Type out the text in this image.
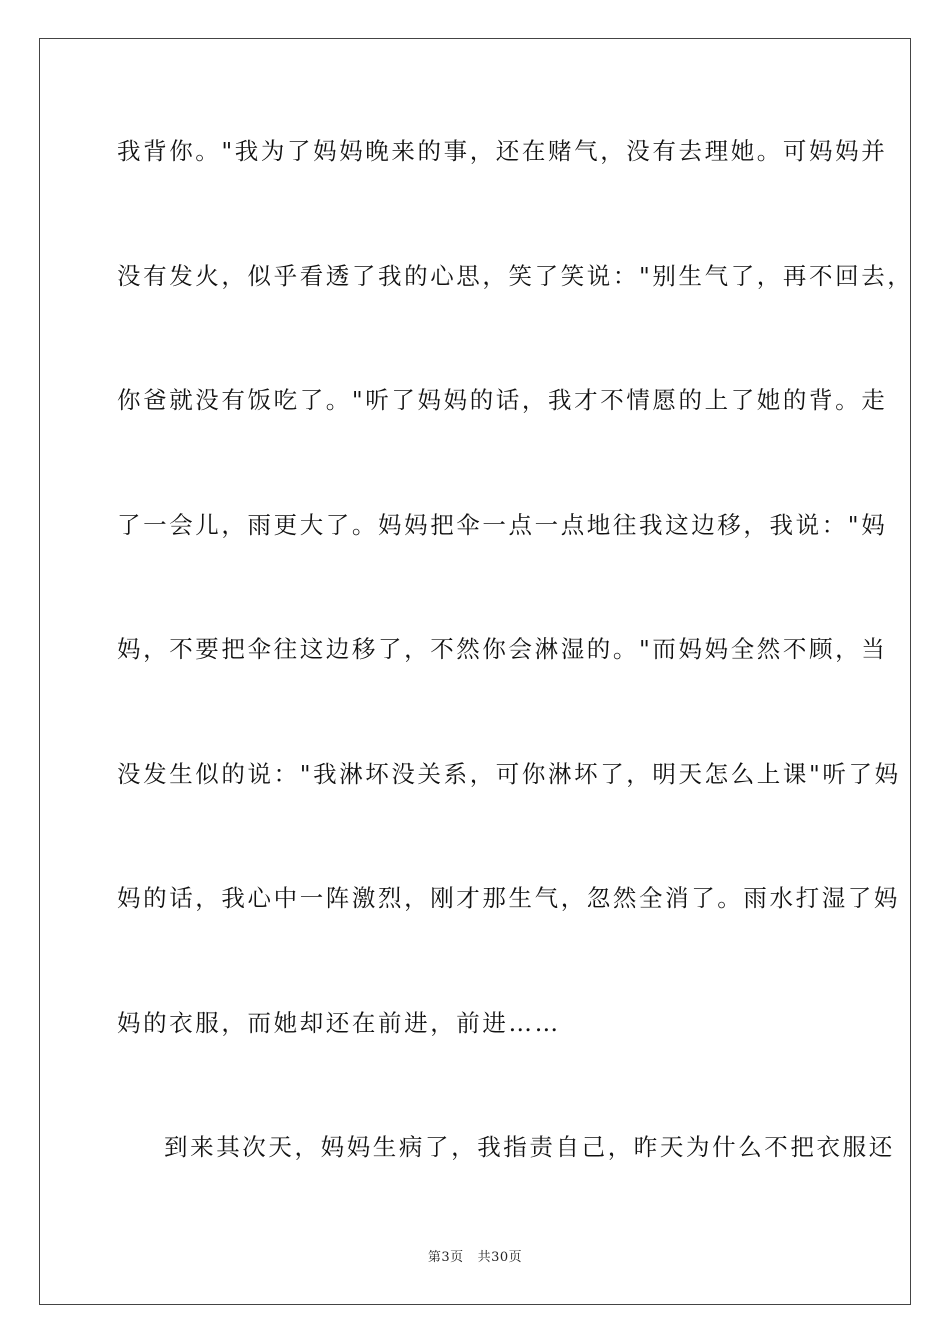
我背你。"我为了妈妈晚来的事，还在赌气，没有去理她。可妈妈并
没有发火，似乎看透了我的心思，笑了笑说："别生气了，再不回去，
你爸就没有饭吃了。"听了妈妈的话，我才不情愿的上了她的背。走
了一会儿，雨更大了。妈妈把伞一点一点地往我这边移，我说："妈
妈，不要把伞往这边移了，不然你会淋湿的。"而妈妈全然不顾，当
没发生似的说："我淋坏没关系，可你淋坏了，明天怎么上课"听了妈
妈的话，我心中一阵激烈，刚才那生气，忽然全消了。雨水打湿了妈
妈的衣服，而她却还在前进，前进……
到来其次天，妈妈生病了，我指责自己，昨天为什么不把衣服还
第3页 共30页
